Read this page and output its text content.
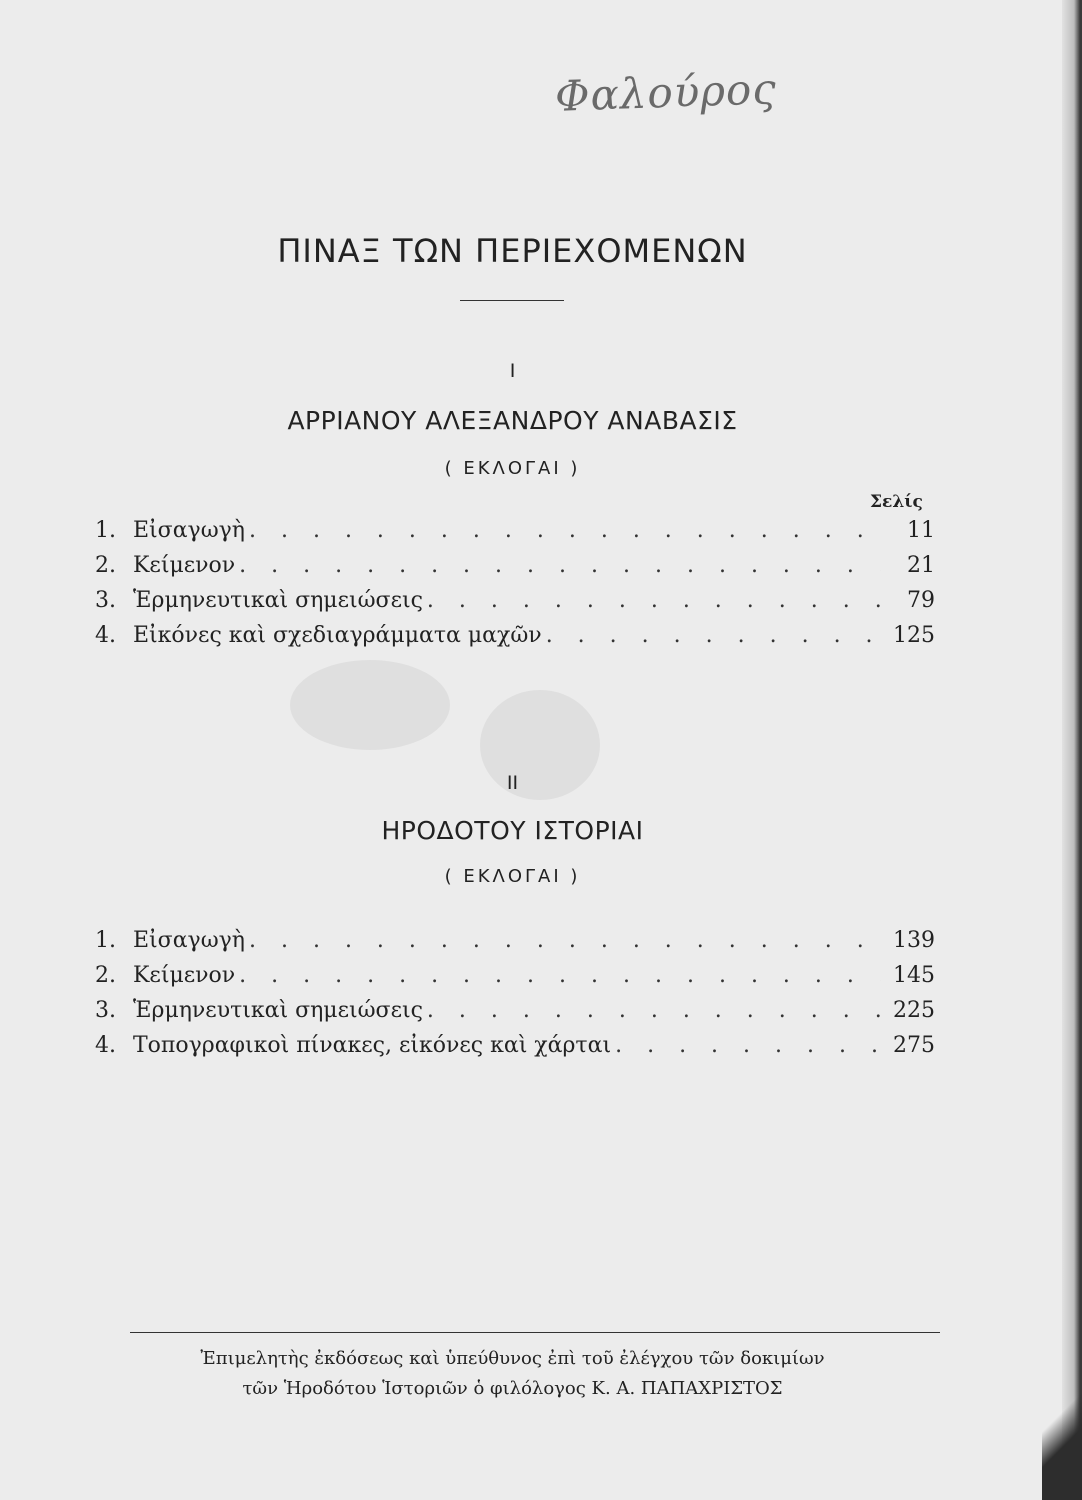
Φαλούρος
ΠΙΝΑΞ ΤΩΝ ΠΕΡΙΕΧΟΜΕΝΩΝ
I
ΑΡΡΙΑΝΟΥ ΑΛΕΞΑΝΔΡΟΥ ΑΝΑΒΑΣΙΣ
( ΕΚΛΟΓΑΙ )
Σελίς
1. Εἰσαγωγὴ . . .	11
2. Κείμενον . . .	21
3. Ἑρμηνευτικαὶ σημειώσεις . . .	79
4. Εἰκόνες καὶ σχεδιαγράμματα μαχῶν . . .	125
II
ΗΡΟΔΟΤΟΥ ΙΣΤΟΡΙΑΙ
( ΕΚΛΟΓΑΙ )
1. Εἰσαγωγὴ . . .	139
2. Κείμενον . . .	145
3. Ἑρμηνευτικαὶ σημειώσεις . . .	225
4. Τοπογραφικοὶ πίνακες, εἰκόνες καὶ χάρται . . .	275
Ἐπιμελητὴς ἐκδόσεως καὶ ὑπεύθυνος ἐπὶ τοῦ ἐλέγχου τῶν δοκιμίων
τῶν Ἡροδότου Ἱστοριῶν ὁ φιλόλογος Κ. Α. ΠΑΠΑΧΡΙΣΤΟΣ
